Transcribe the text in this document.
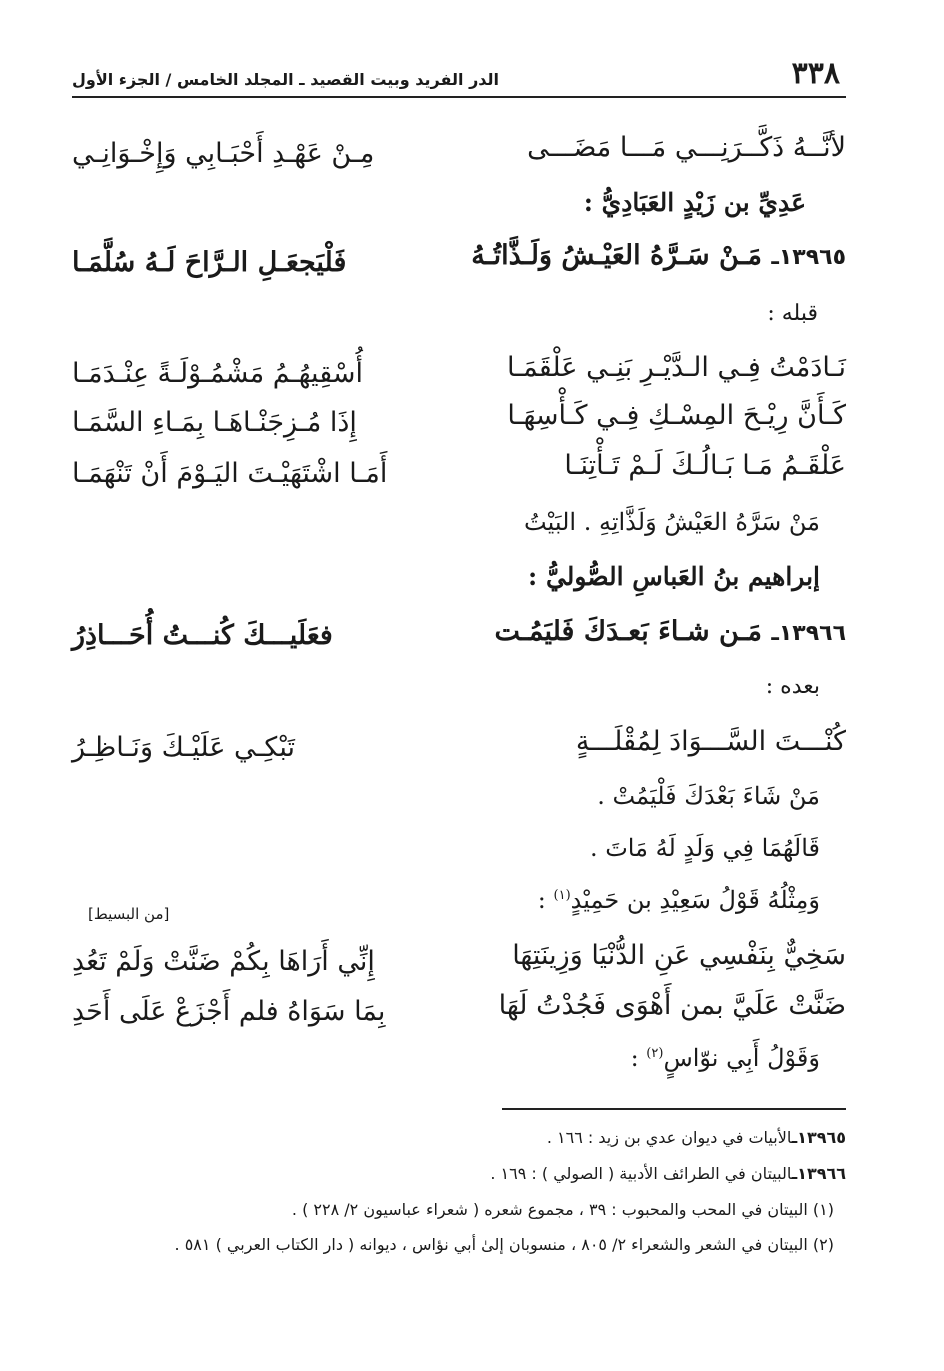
٣٣٨
الدر الفريد وبيت القصيد ـ المجلد الخامس / الجزء الأول
لأنَّــهُ ذَكَّــرَنِـــي مَـــا مَضَـــى
مِـنْ عَهْـدِ أَحْبَـابِي وَإِخْـوَانِـي
عَدِيِّ بن زَيْدٍ العَبَادِيُّ :
١٣٩٦٥ـ مَـنْ سَـرَّهُ العَيْـشُ وَلَـذَّاتُـهُ
فَلْيَجعَـلِ الـرَّاحَ لَـهُ سُلَّمَـا
قبله :
نَـادَمْتُ فِـي الـدَّيْـرِ بَنِـي عَلْقَمَـا
أُسْقِيهُـمُ مَشْمُـوْلَـةً عِنْـدَمَـا
كَـأَنَّ رِيْـحَ المِسْـكِ فِـي كَـأْسِهَـا
إِذَا مُـزِجَنْـاهَـا بِمَـاءِ السَّمَـا
عَلْقَـمُ مَـا بَـالُـكَ لَـمْ تَـأْتِنَـا
أَمَـا اشْتَهَيْـتَ اليَـوْمَ أَنْ تَنْهَمَـا
مَنْ سَرَّهُ العَيْشُ وَلَذَّاتِهِ . البَيْتُ
إبراهيم بنُ العَباسِ الصُّوليُّ :
١٣٩٦٦ـ مَـن شـاءَ بَعـدَكَ فَليَمُـت
فعَلَيـــكَ كُنـــتُ أُحَـــاذِرُ
بعده :
كُنْـــتَ السَّـــوَادَ لِمُقْلَـــةٍ
تَبْكِـي عَلَيْـكَ وَنَـاظِـرُ
مَنْ شَاءَ بَعْدَكَ فَلْيَمُتْ .
قَالَهُمَا فِي وَلَدٍ لَهُ مَاتَ .
وَمِثْلُهُ قَوْلُ سَعِيْدِ بن حَمِيْدٍ$^{(١)}$ :
[من البسيط]
سَخِيٌّ بِنَفْسِي عَنِ الدُّنْيَا وَزِينَتِهَا
إِنِّي أَرَاهَا بِكُمْ ضَنَّتْ وَلَمْ تَعُدِ
ضَنَّتْ عَلَيَّ بمن أَهْوَى فَجُدْتُ لَهَا
بِمَا سَوَاهُ فلم أَجْزَعْ عَلَى أَحَدِ
وَقَوْلُ أَبِي نوّاسٍ$^{(٢)}$ :
١٣٩٦٥ـالأبيات في ديوان عدي بن زيد : ١٦٦ .
١٣٩٦٦ـالبيتان في الطرائف الأدبية ( الصولي ) : ١٦٩ .
(١) البيتان في المحب والمحبوب : ٣٩ ، مجموع شعره ( شعراء عباسيون ٢/ ٢٢٨ ) .
(٢) البيتان في الشعر والشعراء ٢/ ٨٠٥ ، منسوبان إلىٰ أبي نؤاس ، ديوانه ( دار الكتاب العربي ) ٥٨١ .
